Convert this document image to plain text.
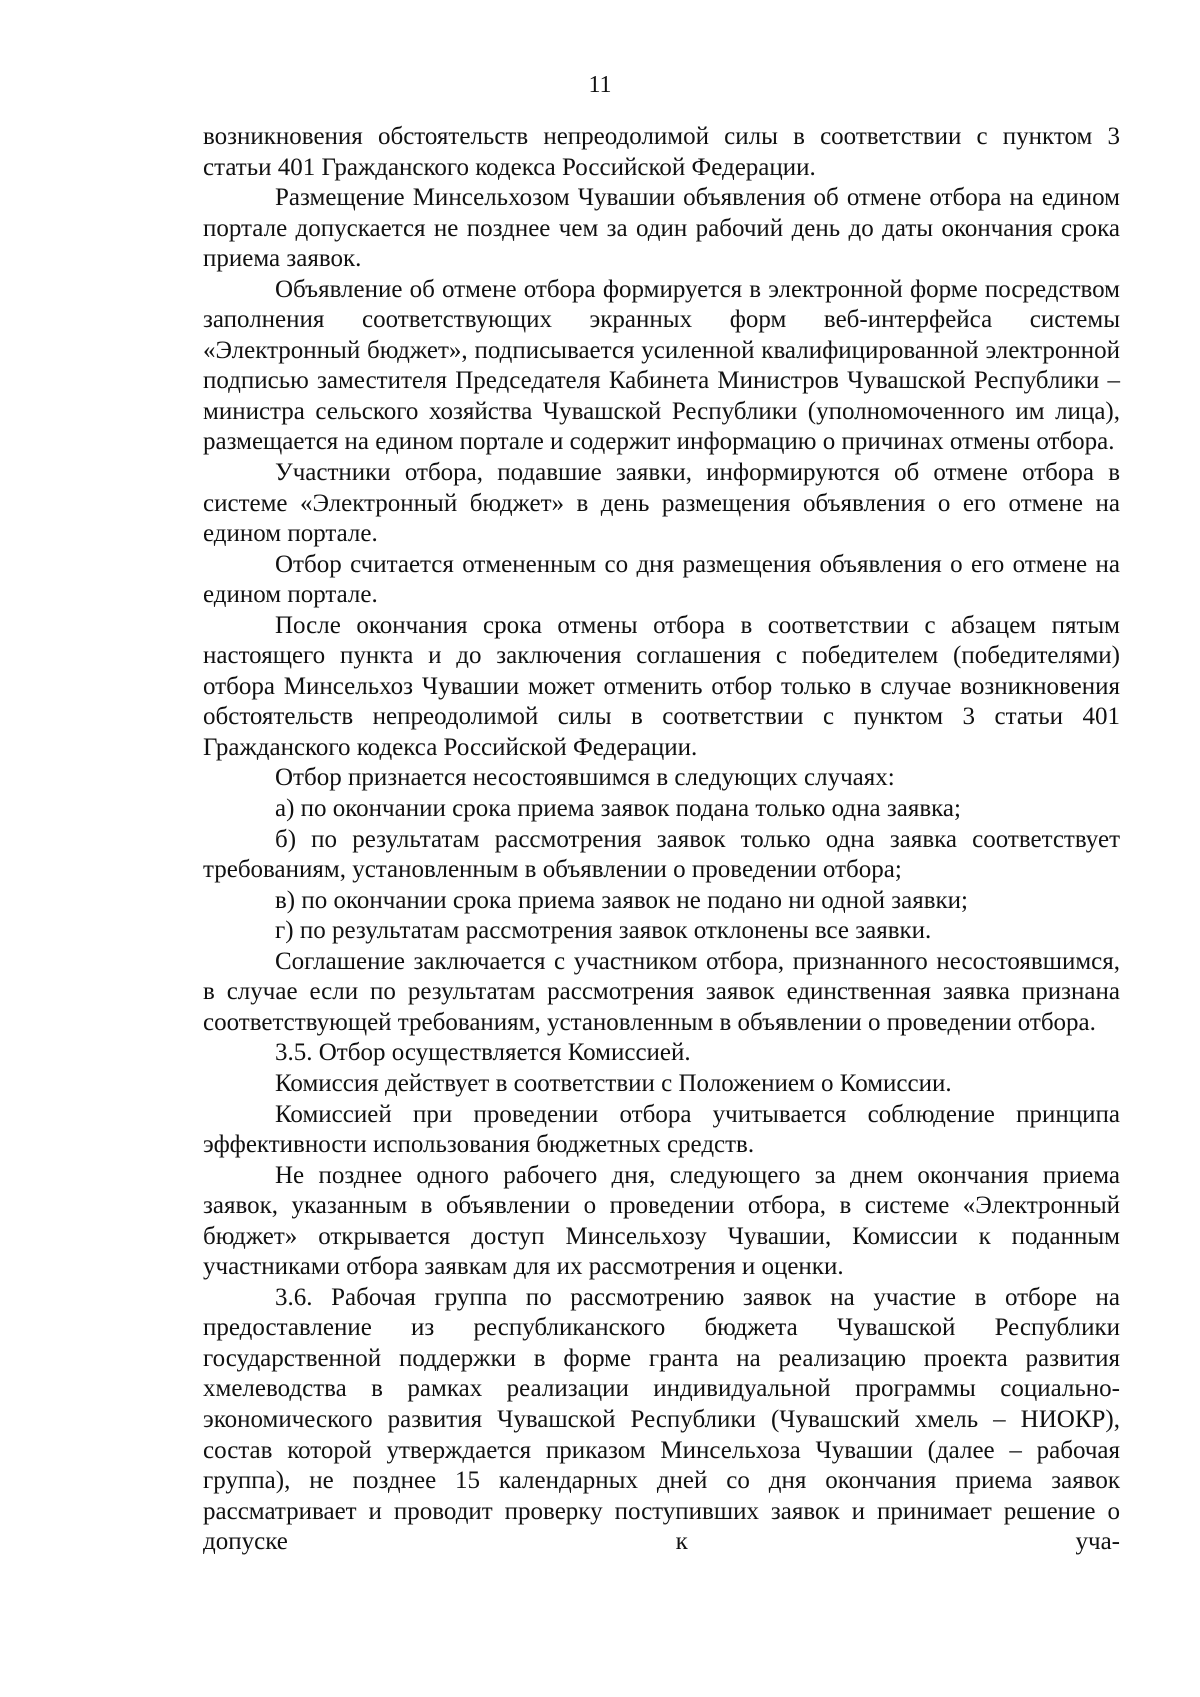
11

возникновения обстоятельств непреодолимой силы в соответствии с пунктом 3 статьи 401 Гражданского кодекса Российской Федерации.

Размещение Минсельхозом Чувашии объявления об отмене отбора на едином портале допускается не позднее чем за один рабочий день до даты окончания срока приема заявок.

Объявление об отмене отбора формируется в электронной форме посредством заполнения соответствующих экранных форм веб-интерфейса системы «Электронный бюджет», подписывается усиленной квалифицированной электронной подписью заместителя Председателя Кабинета Министров Чувашской Республики – министра сельского хозяйства Чувашской Республики (уполномоченного им лица), размещается на едином портале и содержит информацию о причинах отмены отбора.

Участники отбора, подавшие заявки, информируются об отмене отбора в системе «Электронный бюджет» в день размещения объявления о его отмене на едином портале.

Отбор считается отмененным со дня размещения объявления о его отмене на едином портале.

После окончания срока отмены отбора в соответствии с абзацем пятым настоящего пункта и до заключения соглашения с победителем (победителями) отбора Минсельхоз Чувашии может отменить отбор только в случае возникновения обстоятельств непреодолимой силы в соответствии с пунктом 3 статьи 401 Гражданского кодекса Российской Федерации.

Отбор признается несостоявшимся в следующих случаях:

а) по окончании срока приема заявок подана только одна заявка;

б) по результатам рассмотрения заявок только одна заявка соответствует требованиям, установленным в объявлении о проведении отбора;

в) по окончании срока приема заявок не подано ни одной заявки;

г) по результатам рассмотрения заявок отклонены все заявки.

Соглашение заключается с участником отбора, признанного несостоявшимся, в случае если по результатам рассмотрения заявок единственная заявка признана соответствующей требованиям, установленным в объявлении о проведении отбора.

3.5. Отбор осуществляется Комиссией.

Комиссия действует в соответствии с Положением о Комиссии.

Комиссией при проведении отбора учитывается соблюдение принципа эффективности использования бюджетных средств.

Не позднее одного рабочего дня, следующего за днем окончания приема заявок, указанным в объявлении о проведении отбора, в системе «Электронный бюджет» открывается доступ Минсельхозу Чувашии, Комиссии к поданным участниками отбора заявкам для их рассмотрения и оценки.

3.6. Рабочая группа по рассмотрению заявок на участие в отборе на предоставление из республиканского бюджета Чувашской Республики государственной поддержки в форме гранта на реализацию проекта развития хмелеводства в рамках реализации индивидуальной программы социально-экономического развития Чувашской Республики (Чувашский хмель – НИОКР), состав которой утверждается приказом Минсельхоза Чувашии (далее – рабочая группа), не позднее 15 календарных дней со дня окончания приема заявок рассматривает и проводит проверку поступивших заявок и принимает решение о допуске к уча-
